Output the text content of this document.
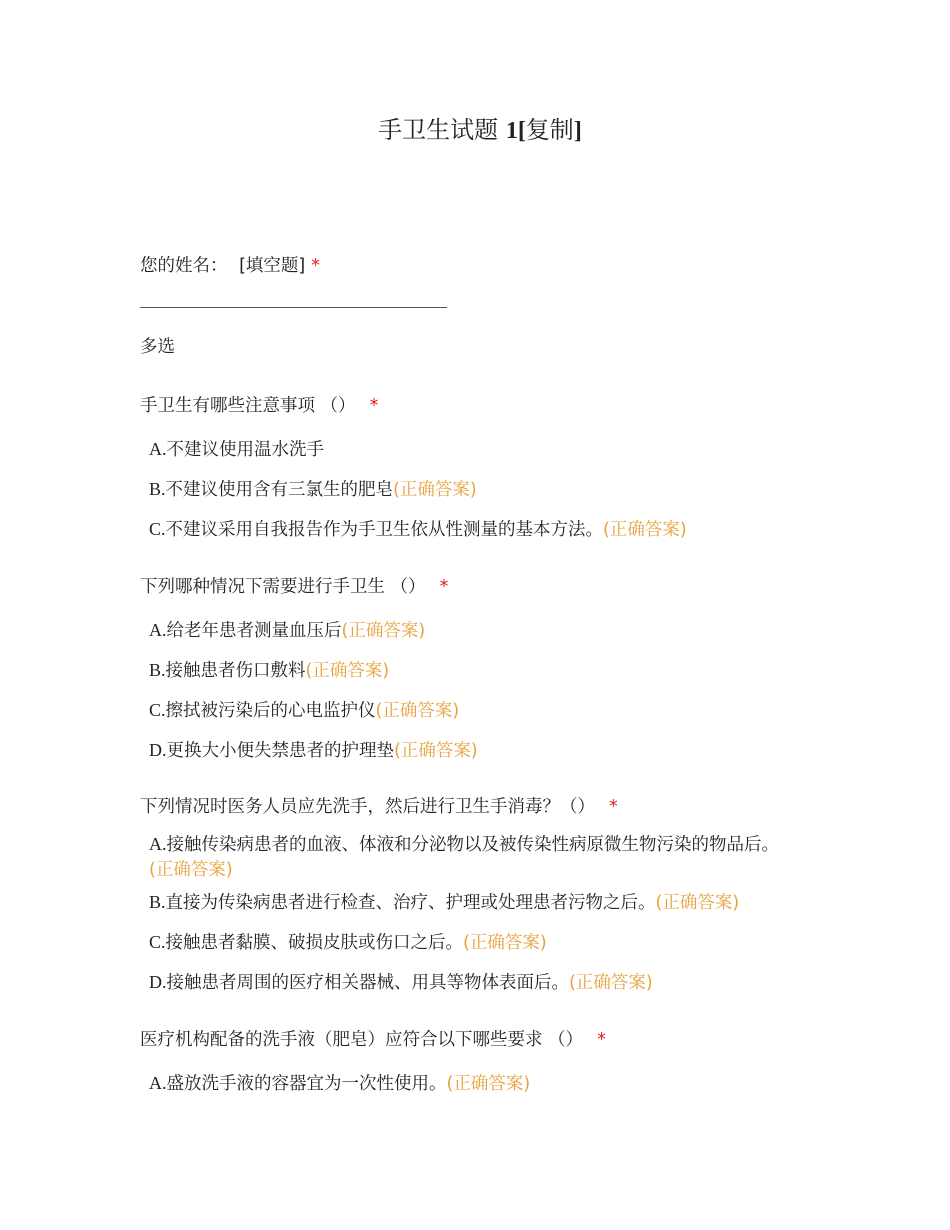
手卫生试题 1[复制]
您的姓名： [填空题] *
多选
手卫生有哪些注意事项 （） *
A.不建议使用温水洗手
B.不建议使用含有三氯生的肥皂(正确答案)
C.不建议采用自我报告作为手卫生依从性测量的基本方法。(正确答案)
下列哪种情况下需要进行手卫生 （） *
A.给老年患者测量血压后(正确答案)
B.接触患者伤口敷料(正确答案)
C.擦拭被污染后的心电监护仪(正确答案)
D.更换大小便失禁患者的护理垫(正确答案)
下列情况时医务人员应先洗手，然后进行卫生手消毒？（） *
A.接触传染病患者的血液、体液和分泌物以及被传染性病原微生物污染的物品后。(正确答案)
B.直接为传染病患者进行检查、治疗、护理或处理患者污物之后。(正确答案)
C.接触患者黏膜、破损皮肤或伤口之后。(正确答案)
D.接触患者周围的医疗相关器械、用具等物体表面后。(正确答案)
医疗机构配备的洗手液（肥皂）应符合以下哪些要求 （） *
A.盛放洗手液的容器宜为一次性使用。(正确答案)
